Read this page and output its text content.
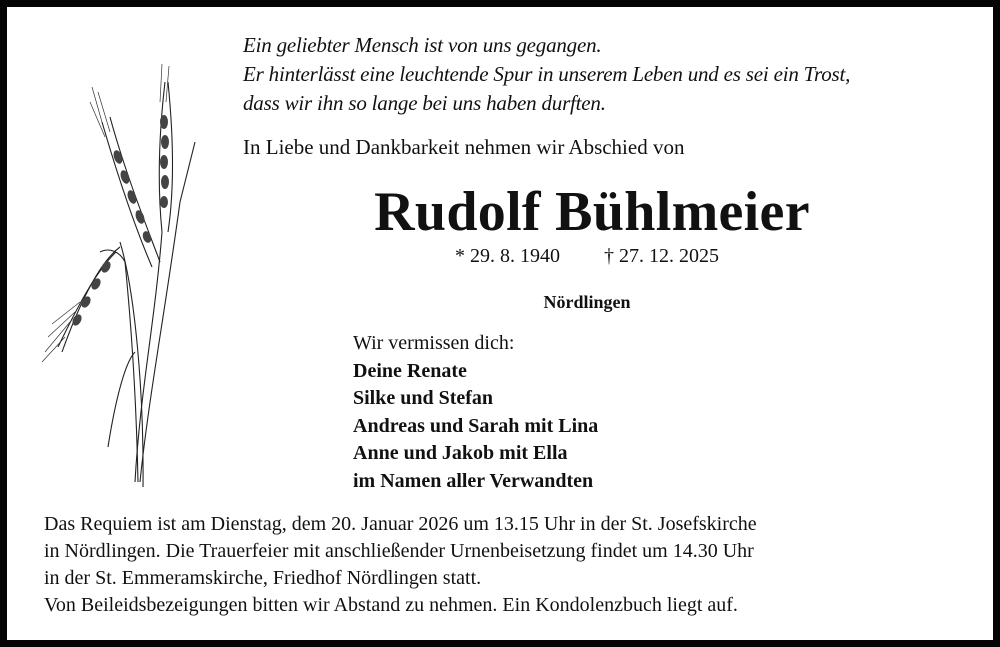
Ein geliebter Mensch ist von uns gegangen.
Er hinterlässt eine leuchtende Spur in unserem Leben und es sei ein Trost,
dass wir ihn so lange bei uns haben durften.
In Liebe und Dankbarkeit nehmen wir Abschied von
Rudolf Bühlmeier
* 29. 8. 1940 † 27. 12. 2025
Nördlingen
Wir vermissen dich:
Deine Renate
Silke und Stefan
Andreas und Sarah mit Lina
Anne und Jakob mit Ella
im Namen aller Verwandten
Das Requiem ist am Dienstag, dem 20. Januar 2026 um 13.15 Uhr in der St. Josefskirche
in Nördlingen. Die Trauerfeier mit anschließender Urnenbeisetzung findet um 14.30 Uhr
in der St. Emmeramskirche, Friedhof Nördlingen statt.
Von Beileidsbezeigungen bitten wir Abstand zu nehmen. Ein Kondolenzbuch liegt auf.
